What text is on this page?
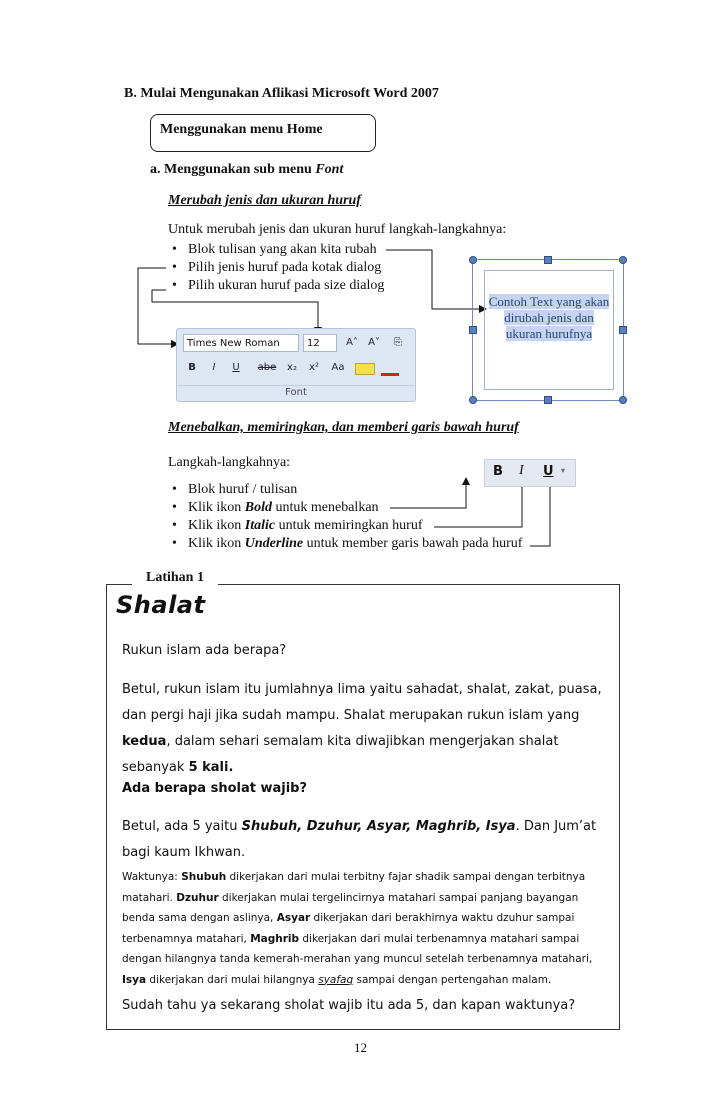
B. Mulai Mengunakan Aflikasi Microsoft Word 2007
Menggunakan menu Home
a. Menggunakan sub menu Font
Merubah jenis dan ukuran huruf
Untuk merubah jenis dan ukuran huruf langkah-langkahnya:
• Blok tulisan yang akan kita rubah
• Pilih jenis huruf pada kotak dialog
• Pilih ukuran huruf pada size dialog
Times New Roman	12	A˄	A˅	⎘
B	I	U	abe	x₂	x²	Aa
Font
Contoh Text yang akan
dirubah jenis dan
ukuran hurufnya
Menebalkan, memiringkan, dan memberi garis bawah huruf
Langkah-langkahnya:
• Blok huruf / tulisan
• Klik ikon Bold untuk menebalkan
• Klik ikon Italic untuk memiringkan huruf
• Klik ikon Underline untuk member garis bawah pada huruf
B I U ▾
Latihan 1
Shalat
Rukun islam ada berapa?
Betul, rukun islam itu jumlahnya lima yaitu sahadat, shalat, zakat, puasa,
dan pergi haji jika sudah mampu. Shalat merupakan rukun islam yang
kedua, dalam sehari semalam kita diwajibkan mengerjakan shalat
sebanyak 5 kali.
Ada berapa sholat wajib?
Betul, ada 5 yaitu Shubuh, Dzuhur, Asyar, Maghrib, Isya. Dan Jum’at
bagi kaum Ikhwan.
Waktunya: Shubuh dikerjakan dari mulai terbitny fajar shadik sampai dengan terbitnya
matahari. Dzuhur dikerjakan mulai tergelincirnya matahari sampai panjang bayangan
benda sama dengan aslinya, Asyar dikerjakan dari berakhirnya waktu dzuhur sampai
terbenamnya matahari, Maghrib dikerjakan dari mulai terbenamnya matahari sampai
dengan hilangnya tanda kemerah-merahan yang muncul setelah terbenamnya matahari,
Isya dikerjakan dari mulai hilangnya syafaq sampai dengan pertengahan malam.
Sudah tahu ya sekarang sholat wajib itu ada 5, dan kapan waktunya?
12
